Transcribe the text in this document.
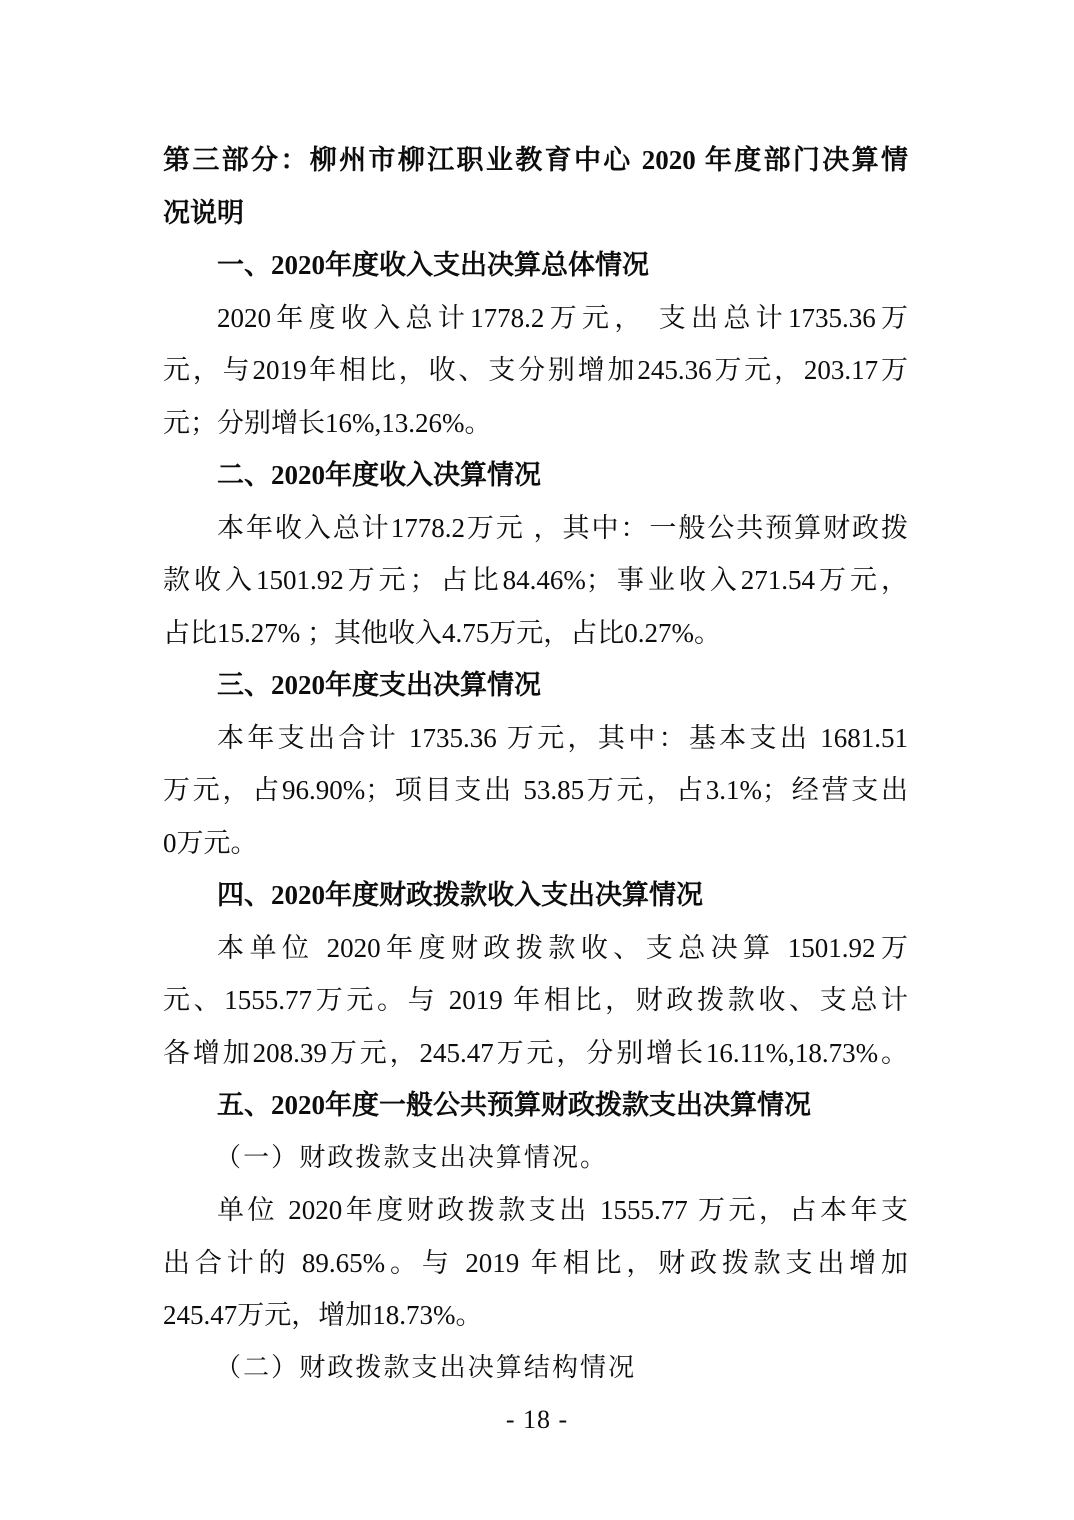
第三部分：柳州市柳江职业教育中心 2020 年度部门决算情
况说明
一、2020年度收入支出决算总体情况
2020年度收入总计1778.2万元， 支出总计1735.36万
元，与2019年相比，收、支分别增加245.36万元，203.17万
元；分别增长16%,13.26%。
二、2020年度收入决算情况
本年收入总计1778.2万元 ，其中：一般公共预算财政拨
款收入1501.92万元；占比84.46%；事业收入271.54万元，
占比15.27% ；其他收入4.75万元，占比0.27%。
三、2020年度支出决算情况
本年支出合计 1735.36 万元，其中：基本支出 1681.51
万元，占96.90%；项目支出 53.85万元，占3.1%；经营支出
0万元。
四、2020年度财政拨款收入支出决算情况
本单位 2020年度财政拨款收、支总决算 1501.92万
元、1555.77万元。与 2019 年相比，财政拨款收、支总计
各增加208.39万元，245.47万元，分别增长16.11%,18.73%。
五、2020年度一般公共预算财政拨款支出决算情况
（一）财政拨款支出决算情况。
单位 2020年度财政拨款支出 1555.77 万元，占本年支
出合计的 89.65%。与 2019 年相比，财政拨款支出增加
245.47万元，增加18.73%。
（二）财政拨款支出决算结构情况
- 18 -
